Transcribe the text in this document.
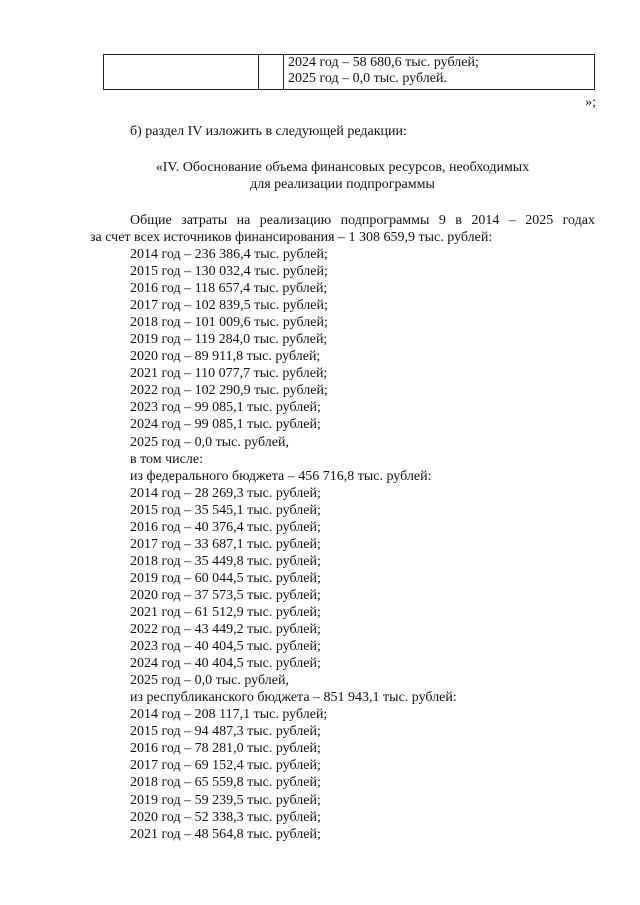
2024 год – 58 680,6 тыс. рублей;
2025 год – 0,0 тыс. рублей.
»;
б) раздел IV изложить в следующей редакции:
«IV. Обоснование объема финансовых ресурсов, необходимых
для реализации подпрограммы
Общие затраты на реализацию подпрограммы 9 в 2014 – 2025 годах
за счет всех источников финансирования – 1 308 659,9 тыс. рублей:
2014 год – 236 386,4 тыс. рублей;
2015 год – 130 032,4 тыс. рублей;
2016 год – 118 657,4 тыс. рублей;
2017 год – 102 839,5 тыс. рублей;
2018 год – 101 009,6 тыс. рублей;
2019 год – 119 284,0 тыс. рублей;
2020 год – 89 911,8 тыс. рублей;
2021 год – 110 077,7 тыс. рублей;
2022 год – 102 290,9 тыс. рублей;
2023 год – 99 085,1 тыс. рублей;
2024 год – 99 085,1 тыс. рублей;
2025 год – 0,0 тыс. рублей,
в том числе:
из федерального бюджета – 456 716,8 тыс. рублей:
2014 год – 28 269,3 тыс. рублей;
2015 год – 35 545,1 тыс. рублей;
2016 год – 40 376,4 тыс. рублей;
2017 год – 33 687,1 тыс. рублей;
2018 год – 35 449,8 тыс. рублей;
2019 год – 60 044,5 тыс. рублей;
2020 год – 37 573,5 тыс. рублей;
2021 год – 61 512,9 тыс. рублей;
2022 год – 43 449,2 тыс. рублей;
2023 год – 40 404,5 тыс. рублей;
2024 год – 40 404,5 тыс. рублей;
2025 год – 0,0 тыс. рублей,
из республиканского бюджета – 851 943,1 тыс. рублей:
2014 год – 208 117,1 тыс. рублей;
2015 год – 94 487,3 тыс. рублей;
2016 год – 78 281,0 тыс. рублей;
2017 год – 69 152,4 тыс. рублей;
2018 год – 65 559,8 тыс. рублей;
2019 год – 59 239,5 тыс. рублей;
2020 год – 52 338,3 тыс. рублей;
2021 год – 48 564,8 тыс. рублей;
